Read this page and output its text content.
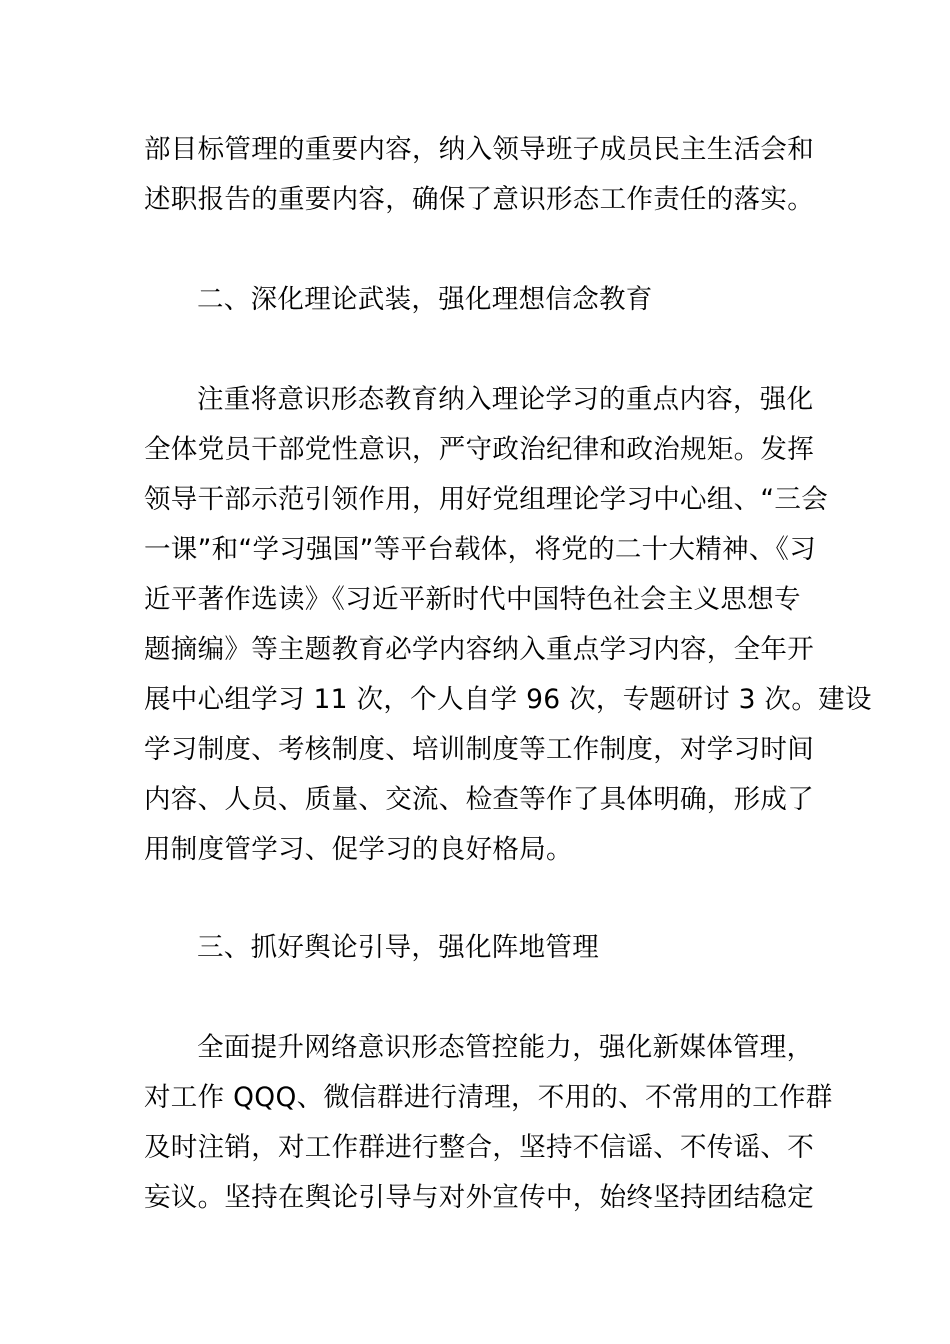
部目标管理的重要内容，纳入领导班子成员民主生活会和
述职报告的重要内容，确保了意识形态工作责任的落实。
二、深化理论武装，强化理想信念教育
注重将意识形态教育纳入理论学习的重点内容，强化
全体党员干部党性意识，严守政治纪律和政治规矩。发挥
领导干部示范引领作用，用好党组理论学习中心组、“三会
一课”和“学习强国”等平台载体，将党的二十大精神、《习
近平著作选读》《习近平新时代中国特色社会主义思想专
题摘编》等主题教育必学内容纳入重点学习内容，全年开
展中心组学习 11 次，个人自学 96 次，专题研讨 3 次。建设
学习制度、考核制度、培训制度等工作制度，对学习时间
内容、人员、质量、交流、检查等作了具体明确，形成了
用制度管学习、促学习的良好格局。
三、抓好舆论引导，强化阵地管理
全面提升网络意识形态管控能力，强化新媒体管理，
对工作 QQQ、微信群进行清理，不用的、不常用的工作群
及时注销，对工作群进行整合，坚持不信谣、不传谣、不
妄议。坚持在舆论引导与对外宣传中，始终坚持团结稳定
